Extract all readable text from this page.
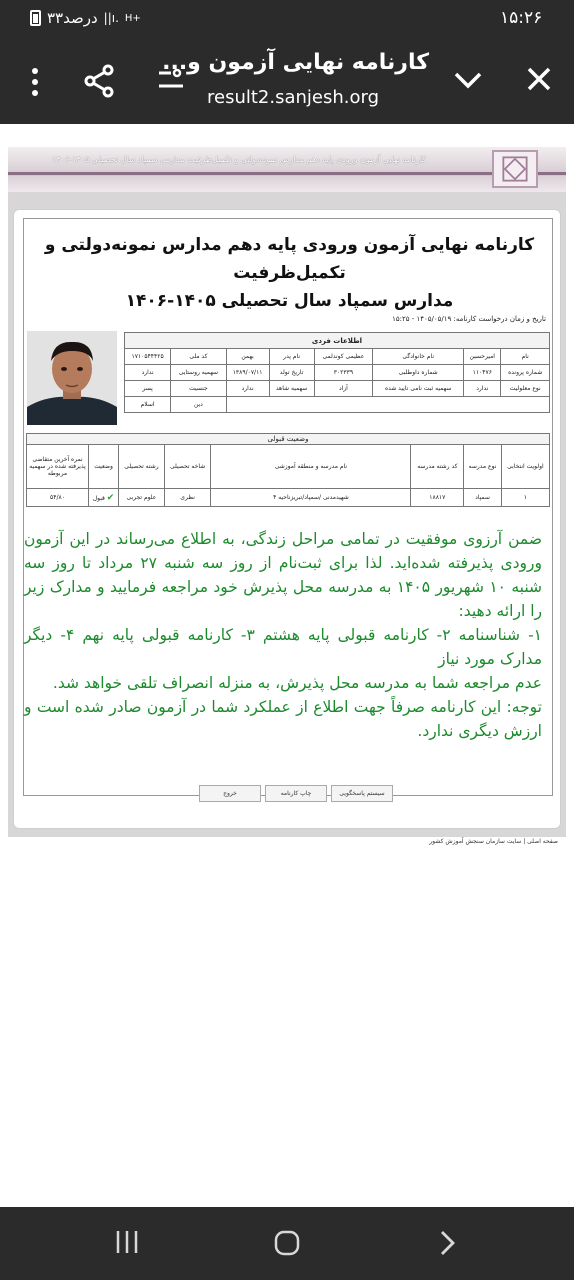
۳۳درصد ||ı. H+	۱۵:۲۶
کارنامه نهایی آزمون و...
result2.sanjesh.org
کارنامه نهایی آزمون ورودی پایه دهم مدارس نمونه‌دولتی و تکمیل‌ظرفیت مدارس سمپاد سال تحصیلی ۱۴۰۵-۱۴۰۶
کارنامه نهایی آزمون ورودی پایه دهم مدارس نمونه‌دولتی و تکمیل‌ظرفیت
مدارس سمپاد سال تحصیلی ۱۴۰۵-۱۴۰۶
تاریخ و زمان درخواست کارنامه: ۱۴۰۵/۰۵/۱۹ - ۱۵:۲۵
اطلاعات فردی							
نام	امیرحسین	نام خانوادگی	عظیمی کوندلمی	نام پدر	بهمن	کد ملی	۱۷۱۰۵۴۴۴۲۵
شماره پرونده	۱۱۰۴۷۶	شماره داوطلبی	۳۰۲۳۳۹	تاریخ تولد	۱۳۸۹/۰۷/۱۱	سهمیه روستایی	ندارد
نوع معلولیت	ندارد	سهمیه ثبت نامی تایید شده	آزاد	سهمیه شاهد	ندارد	جنسیت	پسر
						دین	اسلام
وضعیت قبولی							
اولویت انتخابی	نوع مدرسه	کد رشته مدرسه	نام مدرسه و منطقه آموزشی	شاخه تحصیلی	رشته تحصیلی	وضعیت	نمره آخرین متقاضی پذیرفته شده در سهمیه مربوطه
۱	سمپاد	۱۸۸۱۷	شهیدمدنی /سمپاد/تبریزناحیه ۴	نظری	علوم تجربی	✔ قبول	۵۴/۸۰

ضمن آرزوی موفقیت در تمامی مراحل زندگی، به اطلاع می‌رساند در این آزمون ورودی پذیرفته شده‌اید. لذا برای ثبت‌نام از روز سه شنبه ۲۷ مرداد تا روز سه شنبه ۱۰ شهریور ۱۴۰۵ به مدرسه محل پذیرش خود مراجعه فرمایید و مدارک زیر را ارائه دهید:

۱- شناسنامه ۲- کارنامه قبولی پایه هشتم ۳- کارنامه قبولی پایه نهم ۴- دیگر مدارک مورد نیاز

عدم مراجعه شما به مدرسه محل پذیرش، به منزله انصراف تلقی خواهد شد.

توجه: این کارنامه صرفاً جهت اطلاع از عملکرد شما در آزمون صادر شده است و ارزش دیگری ندارد.

خروج	چاپ کارنامه	سیستم پاسخگویی
صفحه اصلی | سایت سازمان سنجش آموزش کشور
